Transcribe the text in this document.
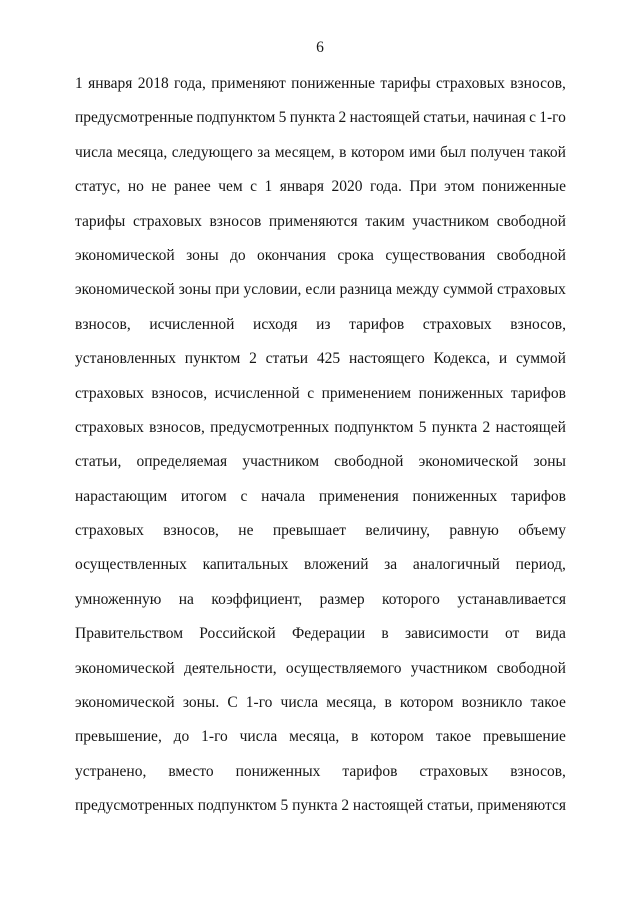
6
1 января 2018 года, применяют пониженные тарифы страховых взносов,
предусмотренные подпунктом 5 пункта 2 настоящей статьи, начиная с 1-го
числа месяца, следующего за месяцем, в котором ими был получен такой
статус, но не ранее чем с 1 января 2020 года. При этом пониженные
тарифы страховых взносов применяются таким участником свободной
экономической зоны до окончания срока существования свободной
экономической зоны при условии, если разница между суммой страховых
взносов, исчисленной исходя из тарифов страховых взносов,
установленных пунктом 2 статьи 425 настоящего Кодекса, и суммой
страховых взносов, исчисленной с применением пониженных тарифов
страховых взносов, предусмотренных подпунктом 5 пункта 2 настоящей
статьи, определяемая участником свободной экономической зоны
нарастающим итогом с начала применения пониженных тарифов
страховых взносов, не превышает величину, равную объему
осуществленных капитальных вложений за аналогичный период,
умноженную на коэффициент, размер которого устанавливается
Правительством Российской Федерации в зависимости от вида
экономической деятельности, осуществляемого участником свободной
экономической зоны. С 1-го числа месяца, в котором возникло такое
превышение, до 1-го числа месяца, в котором такое превышение
устранено, вместо пониженных тарифов страховых взносов,
предусмотренных подпунктом 5 пункта 2 настоящей статьи, применяются
